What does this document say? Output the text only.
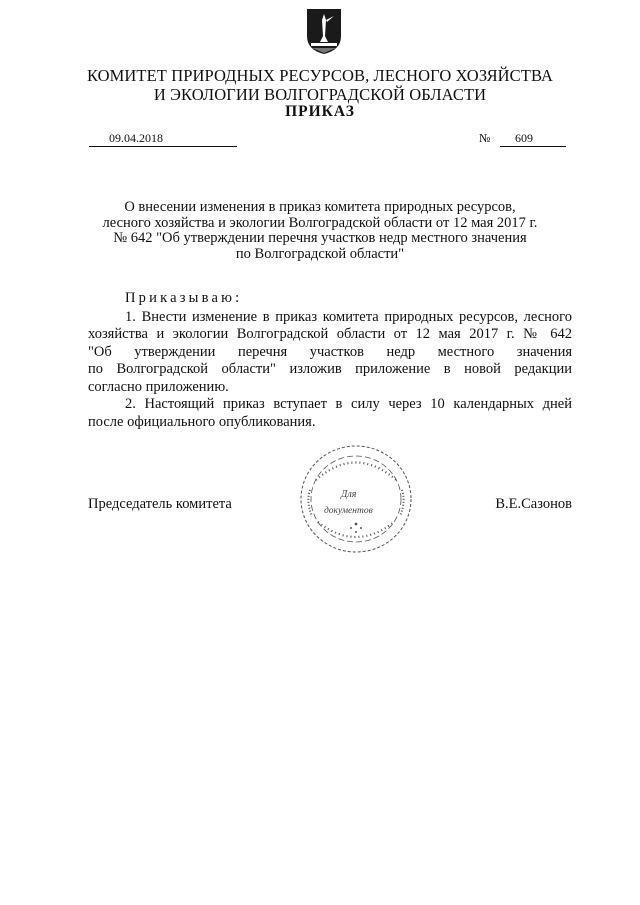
КОМИТЕТ ПРИРОДНЫХ РЕСУРСОВ, ЛЕСНОГО ХОЗЯЙСТВА
И ЭКОЛОГИИ ВОЛГОГРАДСКОЙ ОБЛАСТИ
ПРИКАЗ
09.04.2018	№ 609
О внесении изменения в приказ комитета природных ресурсов,
лесного хозяйства и экологии Волгоградской области от 12 мая 2017 г.
№ 642 "Об утверждении перечня участков недр местного значения
по Волгоградской области"
Приказываю:
1. Внести изменение в приказ комитета природных ресурсов, лесного
хозяйства и экологии Волгоградской области от 12 мая 2017 г. № 642
"Об утверждении перечня участков недр местного значения
по Волгоградской области" изложив приложение в новой редакции
согласно приложению.
2. Настоящий приказ вступает в силу через 10 календарных дней
после официального опубликования.
Для
документов
Председатель комитета	В.Е.Сазонов
